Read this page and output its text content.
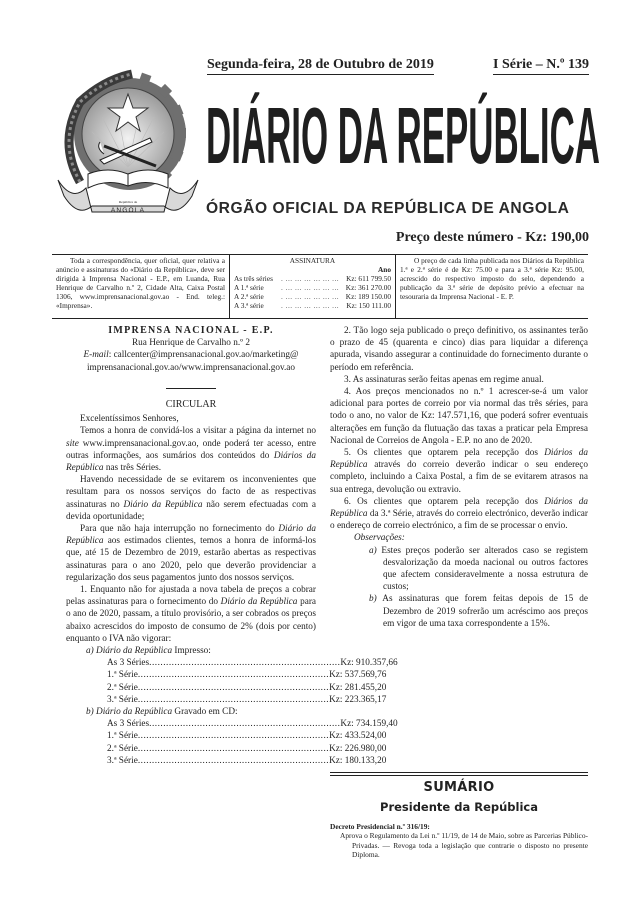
República de
ANGOLA
Segunda-feira, 28 de Outubro de 2019	I Série – N.º 139
DIÁRIO DA REPÚBLICA
ÓRGÃO OFICIAL DA REPÚBLICA DE ANGOLA
Preço deste número - Kz: 190,00
Toda a correspondência, quer oficial, quer relativa a anúncio e assinaturas do «Diário da República», deve ser dirigida à Imprensa Nacional - E.P., em Luanda, Rua Henrique de Carvalho n.º 2, Cidade Alta, Caixa Postal 1306, www.imprensanacional.gov.ao - End. teleg.: «Imprensa».
ASSINATURA
Ano
As três séries	. ... ... ... ... ... ... Kz: 611 799.50
A 1.ª série	. ... ... ... ... ... ... Kz: 361 270.00
A 2.ª série	. ... ... ... ... ... ... Kz: 189 150.00
A 3.ª série	. ... ... ... ... ... ... Kz: 150 111.00
O preço de cada linha publicada nos Diários da República 1.ª e 2.ª série é de Kz: 75.00 e para a 3.ª série Kz: 95.00, acrescido do respectivo imposto do selo, dependendo a publicação da 3.ª série de depósito prévio a efectuar na tesouraria da Imprensa Nacional - E. P.
IMPRENSA NACIONAL - E.P.
Rua Henrique de Carvalho n.º 2
E-mail: callcenter@imprensanacional.gov.ao/marketing@ imprensanacional.gov.ao/www.imprensanacional.gov.ao
CIRCULAR
Excelentíssimos Senhores,
Temos a honra de convidá-los a visitar a página da internet no site www.imprensanacional.gov.ao, onde poderá ter acesso, entre outras informações, aos sumários dos conteúdos do Diários da República nas três Séries.
Havendo necessidade de se evitarem os inconvenientes que resultam para os nossos serviços do facto de as respectivas assinaturas no Diário da República não serem efectuadas com a devida oportunidade;
Para que não haja interrupção no fornecimento do Diário da República aos estimados clientes, temos a honra de informá-los que, até 15 de Dezembro de 2019, estarão abertas as respectivas assinaturas para o ano 2020, pelo que deverão providenciar a regularização dos seus pagamentos junto dos nossos serviços.
1. Enquanto não for ajustada a nova tabela de preços a cobrar pelas assinaturas para o fornecimento do Diário da República para o ano de 2020, passam, a título provisório, a ser cobrados os preços abaixo acrescidos do imposto de consumo de 2% (dois por cento) enquanto o IVA não vigorar:
a) Diário da República Impresso:
As 3 Séries .................................................................... Kz: 910.357,66
1.ª Série .................................................................... Kz: 537.569,76
2.ª Série .................................................................... Kz: 281.455,20
3.ª Série .................................................................... Kz: 223.365,17
b) Diário da República Gravado em CD:
As 3 Séries .................................................................... Kz: 734.159,40
1.ª Série .................................................................... Kz: 433.524,00
2.ª Série .................................................................... Kz: 226.980,00
3.ª Série .................................................................... Kz: 180.133,20
2. Tão logo seja publicado o preço definitivo, os assinantes terão o prazo de 45 (quarenta e cinco) dias para liquidar a diferença apurada, visando assegurar a continuidade do fornecimento durante o período em referência.
3. As assinaturas serão feitas apenas em regime anual.
4. Aos preços mencionados no n.º 1 acrescer-se-á um valor adicional para portes de correio por via normal das três séries, para todo o ano, no valor de Kz: 147.571,16, que poderá sofrer eventuais alterações em função da flutuação das taxas a praticar pela Empresa Nacional de Correios de Angola - E.P. no ano de 2020.
5. Os clientes que optarem pela recepção dos Diários da República através do correio deverão indicar o seu endereço completo, incluindo a Caixa Postal, a fim de se evitarem atrasos na sua entrega, devolução ou extravio.
6. Os clientes que optarem pela recepção dos Diários da República da 3.ª Série, através do correio electrónico, deverão indicar o endereço de correio electrónico, a fim de se processar o envio.
Observações:
a) Estes preços poderão ser alterados caso se registem desvalorização da moeda nacional ou outros factores que afectem consideravelmente a nossa estrutura de custos;
b) As assinaturas que forem feitas depois de 15 de Dezembro de 2019 sofrerão um acréscimo aos preços em vigor de uma taxa correspondente a 15%.
SUMÁRIO
Presidente da República
Decreto Presidencial n.º 316/19:
Aprova o Regulamento da Lei n.º 11/19, de 14 de Maio, sobre as Parcerias Público-Privadas. — Revoga toda a legislação que contrarie o disposto no presente Diploma.
